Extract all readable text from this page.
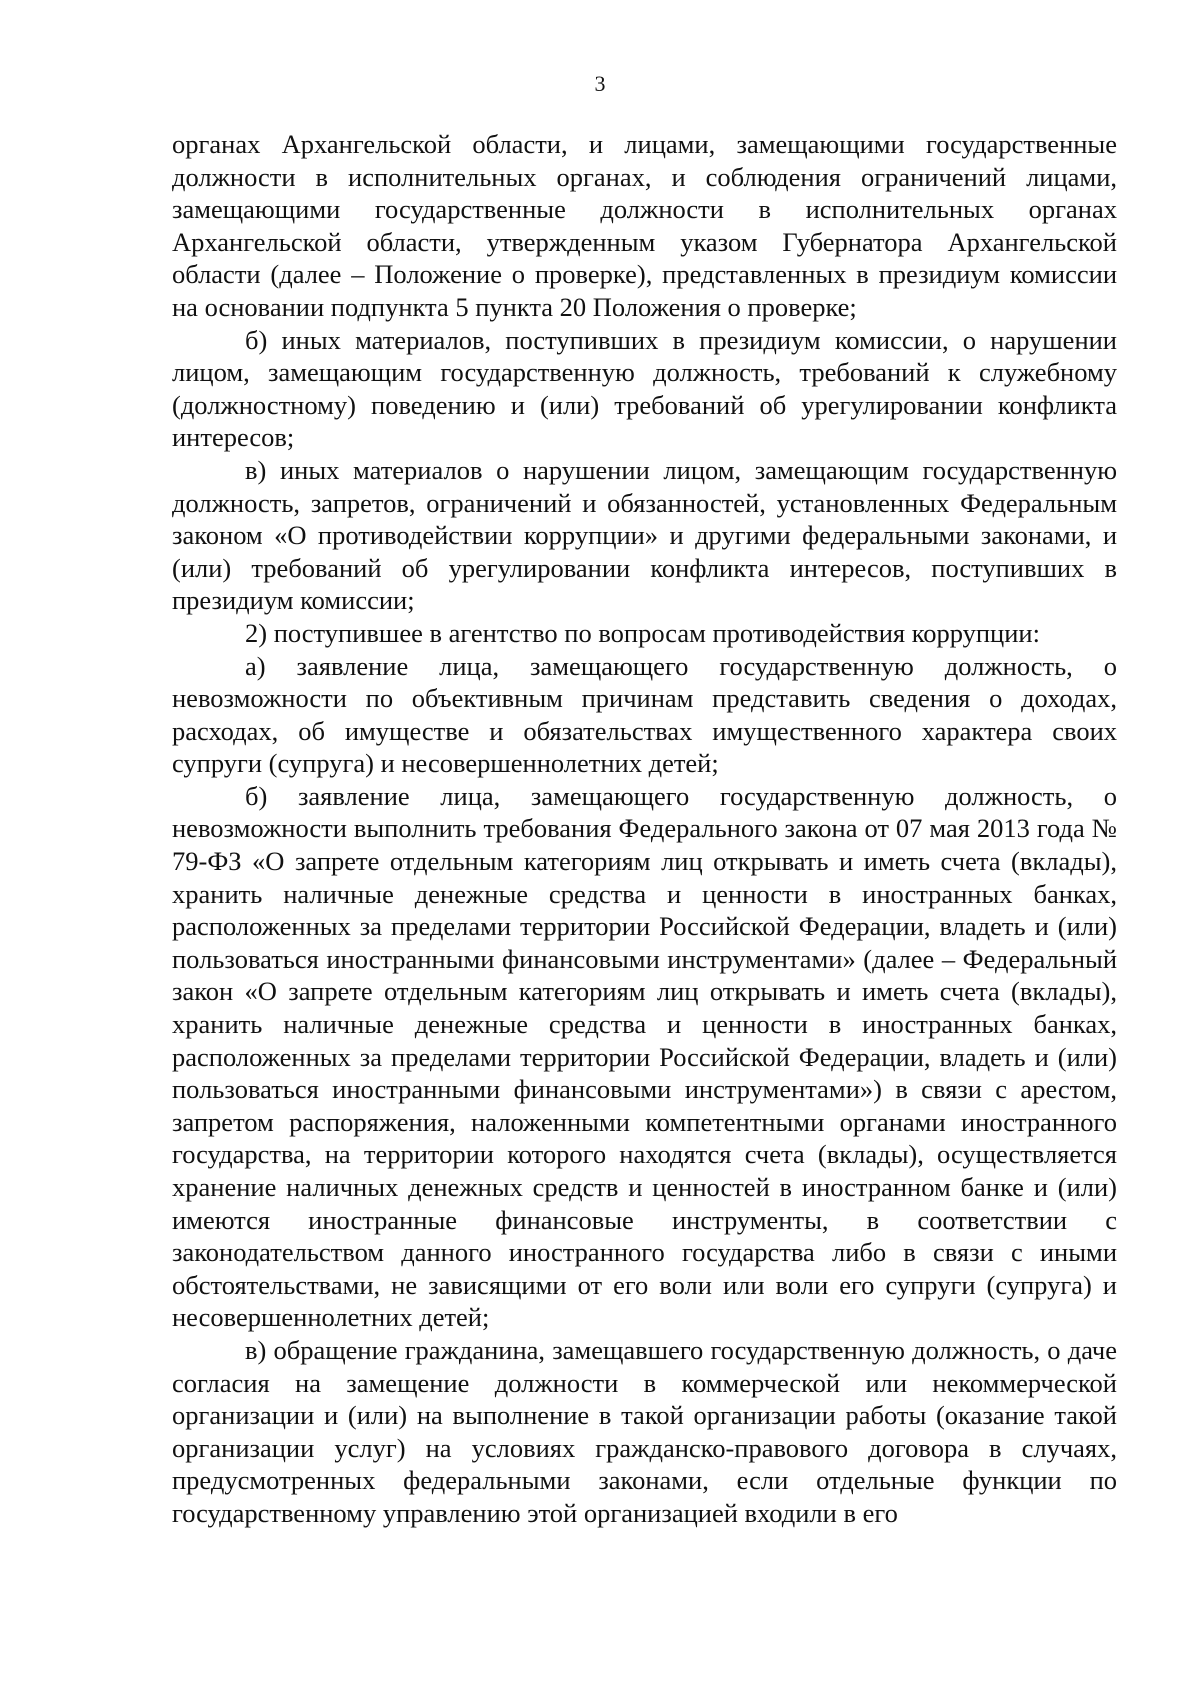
3

органах Архангельской области, и лицами, замещающими государственные должности в исполнительных органах, и соблюдения ограничений лицами, замещающими государственные должности в исполнительных органах Архангельской области, утвержденным указом Губернатора Архангельской области (далее – Положение о проверке), представленных в президиум комиссии на основании подпункта 5 пункта 20 Положения о проверке;

б) иных материалов, поступивших в президиум комиссии, о нарушении лицом, замещающим государственную должность, требований к служебному (должностному) поведению и (или) требований об урегулировании конфликта интересов;

в) иных материалов о нарушении лицом, замещающим государственную должность, запретов, ограничений и обязанностей, установленных Федеральным законом «О противодействии коррупции» и другими федеральными законами, и (или) требований об урегулировании конфликта интересов, поступивших в президиум комиссии;

2) поступившее в агентство по вопросам противодействия коррупции:

а) заявление лица, замещающего государственную должность, о невозможности по объективным причинам представить сведения о доходах, расходах, об имуществе и обязательствах имущественного характера своих супруги (супруга) и несовершеннолетних детей;

б) заявление лица, замещающего государственную должность, о невозможности выполнить требования Федерального закона от 07 мая 2013 года № 79-ФЗ «О запрете отдельным категориям лиц открывать и иметь счета (вклады), хранить наличные денежные средства и ценности в иностранных банках, расположенных за пределами территории Российской Федерации, владеть и (или) пользоваться иностранными финансовыми инструментами» (далее – Федеральный закон «О запрете отдельным категориям лиц открывать и иметь счета (вклады), хранить наличные денежные средства и ценности в иностранных банках, расположенных за пределами территории Российской Федерации, владеть и (или) пользоваться иностранными финансовыми инструментами») в связи с арестом, запретом распоряжения, наложенными компетентными органами иностранного государства, на территории которого находятся счета (вклады), осуществляется хранение наличных денежных средств и ценностей в иностранном банке и (или) имеются иностранные финансовые инструменты, в соответствии с законодательством данного иностранного государства либо в связи с иными обстоятельствами, не зависящими от его воли или воли его супруги (супруга) и несовершеннолетних детей;

в) обращение гражданина, замещавшего государственную должность, о даче согласия на замещение должности в коммерческой или некоммерческой организации и (или) на выполнение в такой организации работы (оказание такой организации услуг) на условиях гражданско-правового договора в случаях, предусмотренных федеральными законами, если отдельные функции по государственному управлению этой организацией входили в его
